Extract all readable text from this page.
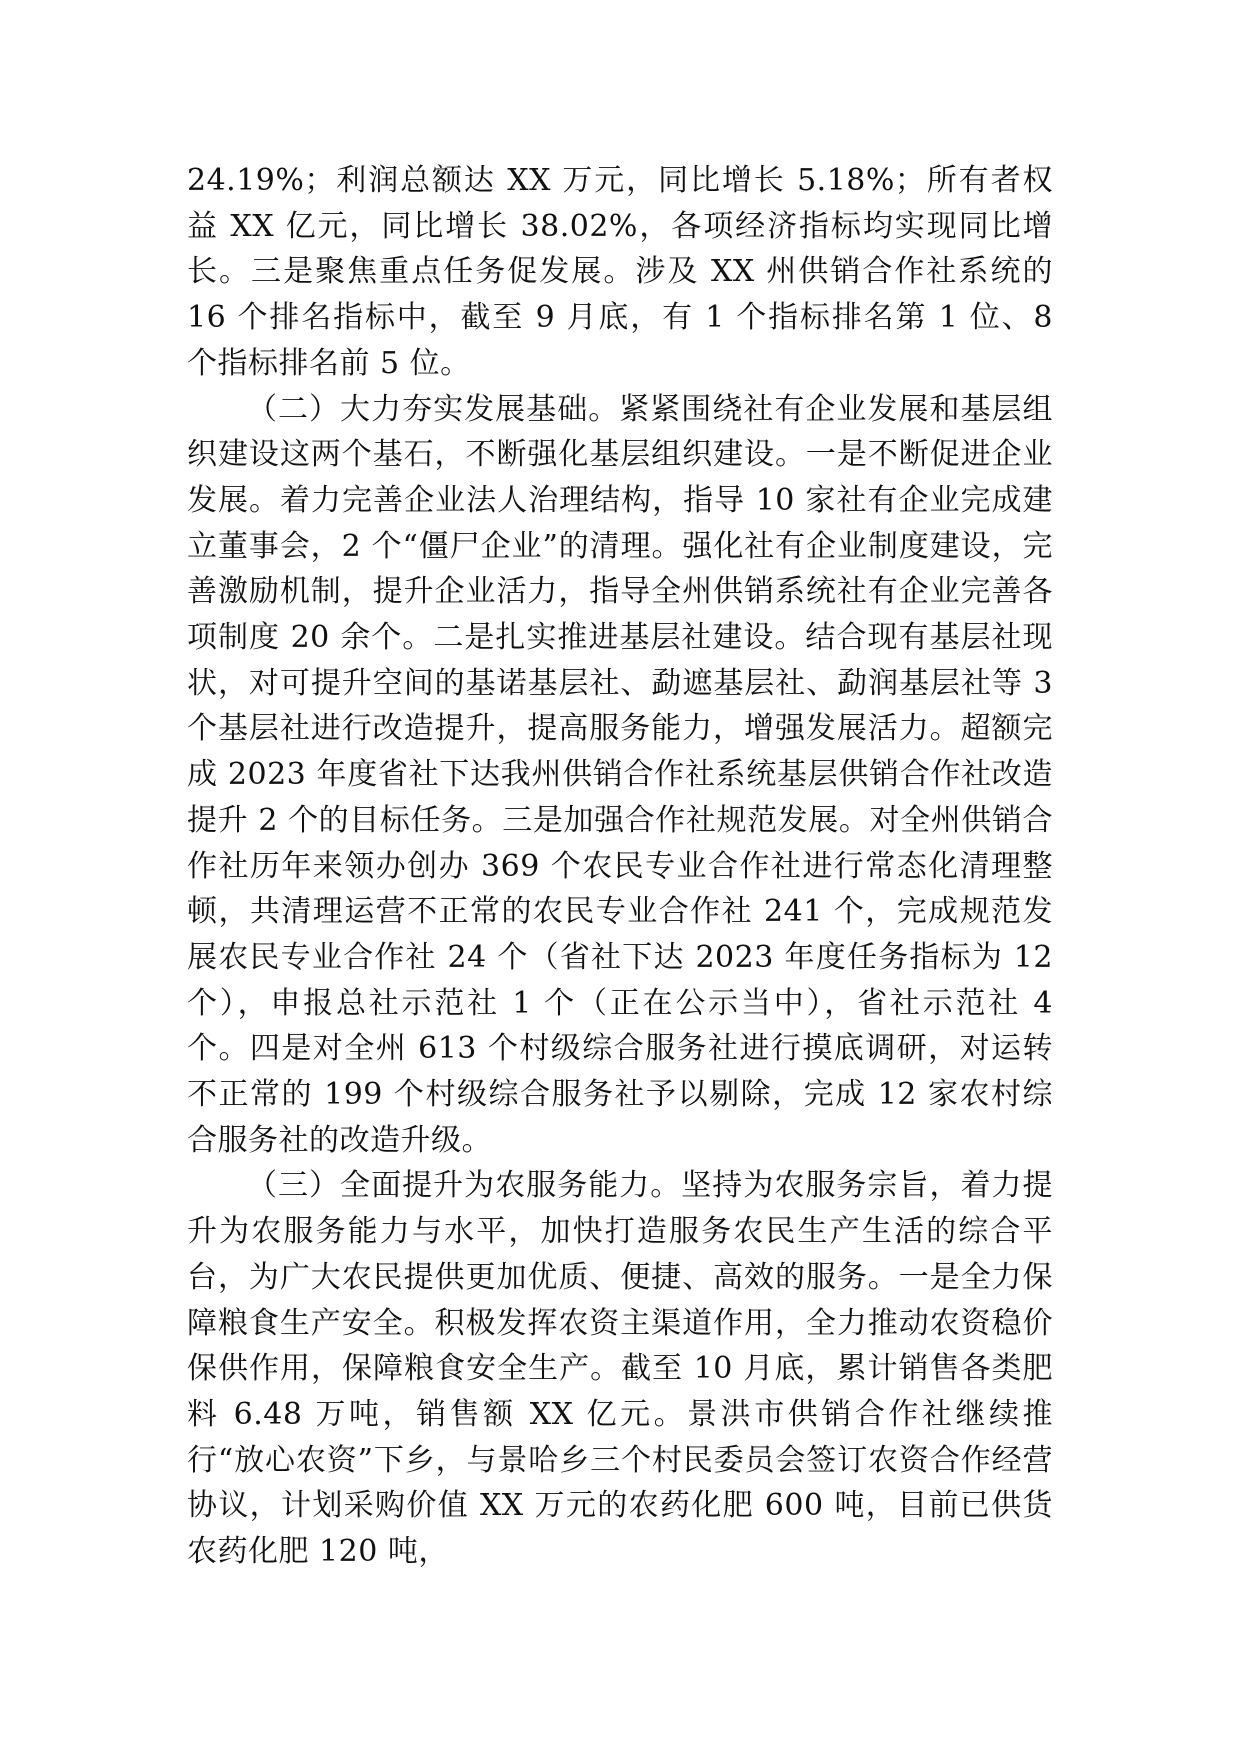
24.19%；利润总额达 XX 万元，同比增长 5.18%；所有者权益 XX 亿元，同比增长 38.02%，各项经济指标均实现同比增长。三是聚焦重点任务促发展。涉及 XX 州供销合作社系统的 16 个排名指标中，截至 9 月底，有 1 个指标排名第 1 位、8 个指标排名前 5 位。

（二）大力夯实发展基础。紧紧围绕社有企业发展和基层组织建设这两个基石，不断强化基层组织建设。一是不断促进企业发展。着力完善企业法人治理结构，指导 10 家社有企业完成建立董事会，2 个“僵尸企业”的清理。强化社有企业制度建设，完善激励机制，提升企业活力，指导全州供销系统社有企业完善各项制度 20 余个。二是扎实推进基层社建设。结合现有基层社现状，对可提升空间的基诺基层社、勐遮基层社、勐润基层社等 3 个基层社进行改造提升，提高服务能力，增强发展活力。超额完成 2023 年度省社下达我州供销合作社系统基层供销合作社改造提升 2 个的目标任务。三是加强合作社规范发展。对全州供销合作社历年来领办创办 369 个农民专业合作社进行常态化清理整顿，共清理运营不正常的农民专业合作社 241 个，完成规范发展农民专业合作社 24 个（省社下达 2023 年度任务指标为 12 个），申报总社示范社 1 个（正在公示当中），省社示范社 4 个。四是对全州 613 个村级综合服务社进行摸底调研，对运转不正常的 199 个村级综合服务社予以剔除，完成 12 家农村综合服务社的改造升级。

（三）全面提升为农服务能力。坚持为农服务宗旨，着力提升为农服务能力与水平，加快打造服务农民生产生活的综合平台，为广大农民提供更加优质、便捷、高效的服务。一是全力保障粮食生产安全。积极发挥农资主渠道作用，全力推动农资稳价保供作用，保障粮食安全生产。截至 10 月底，累计销售各类肥料 6.48 万吨，销售额 XX 亿元。景洪市供销合作社继续推行“放心农资”下乡，与景哈乡三个村民委员会签订农资合作经营协议，计划采购价值 XX 万元的农药化肥 600 吨，目前已供货农药化肥 120 吨，
